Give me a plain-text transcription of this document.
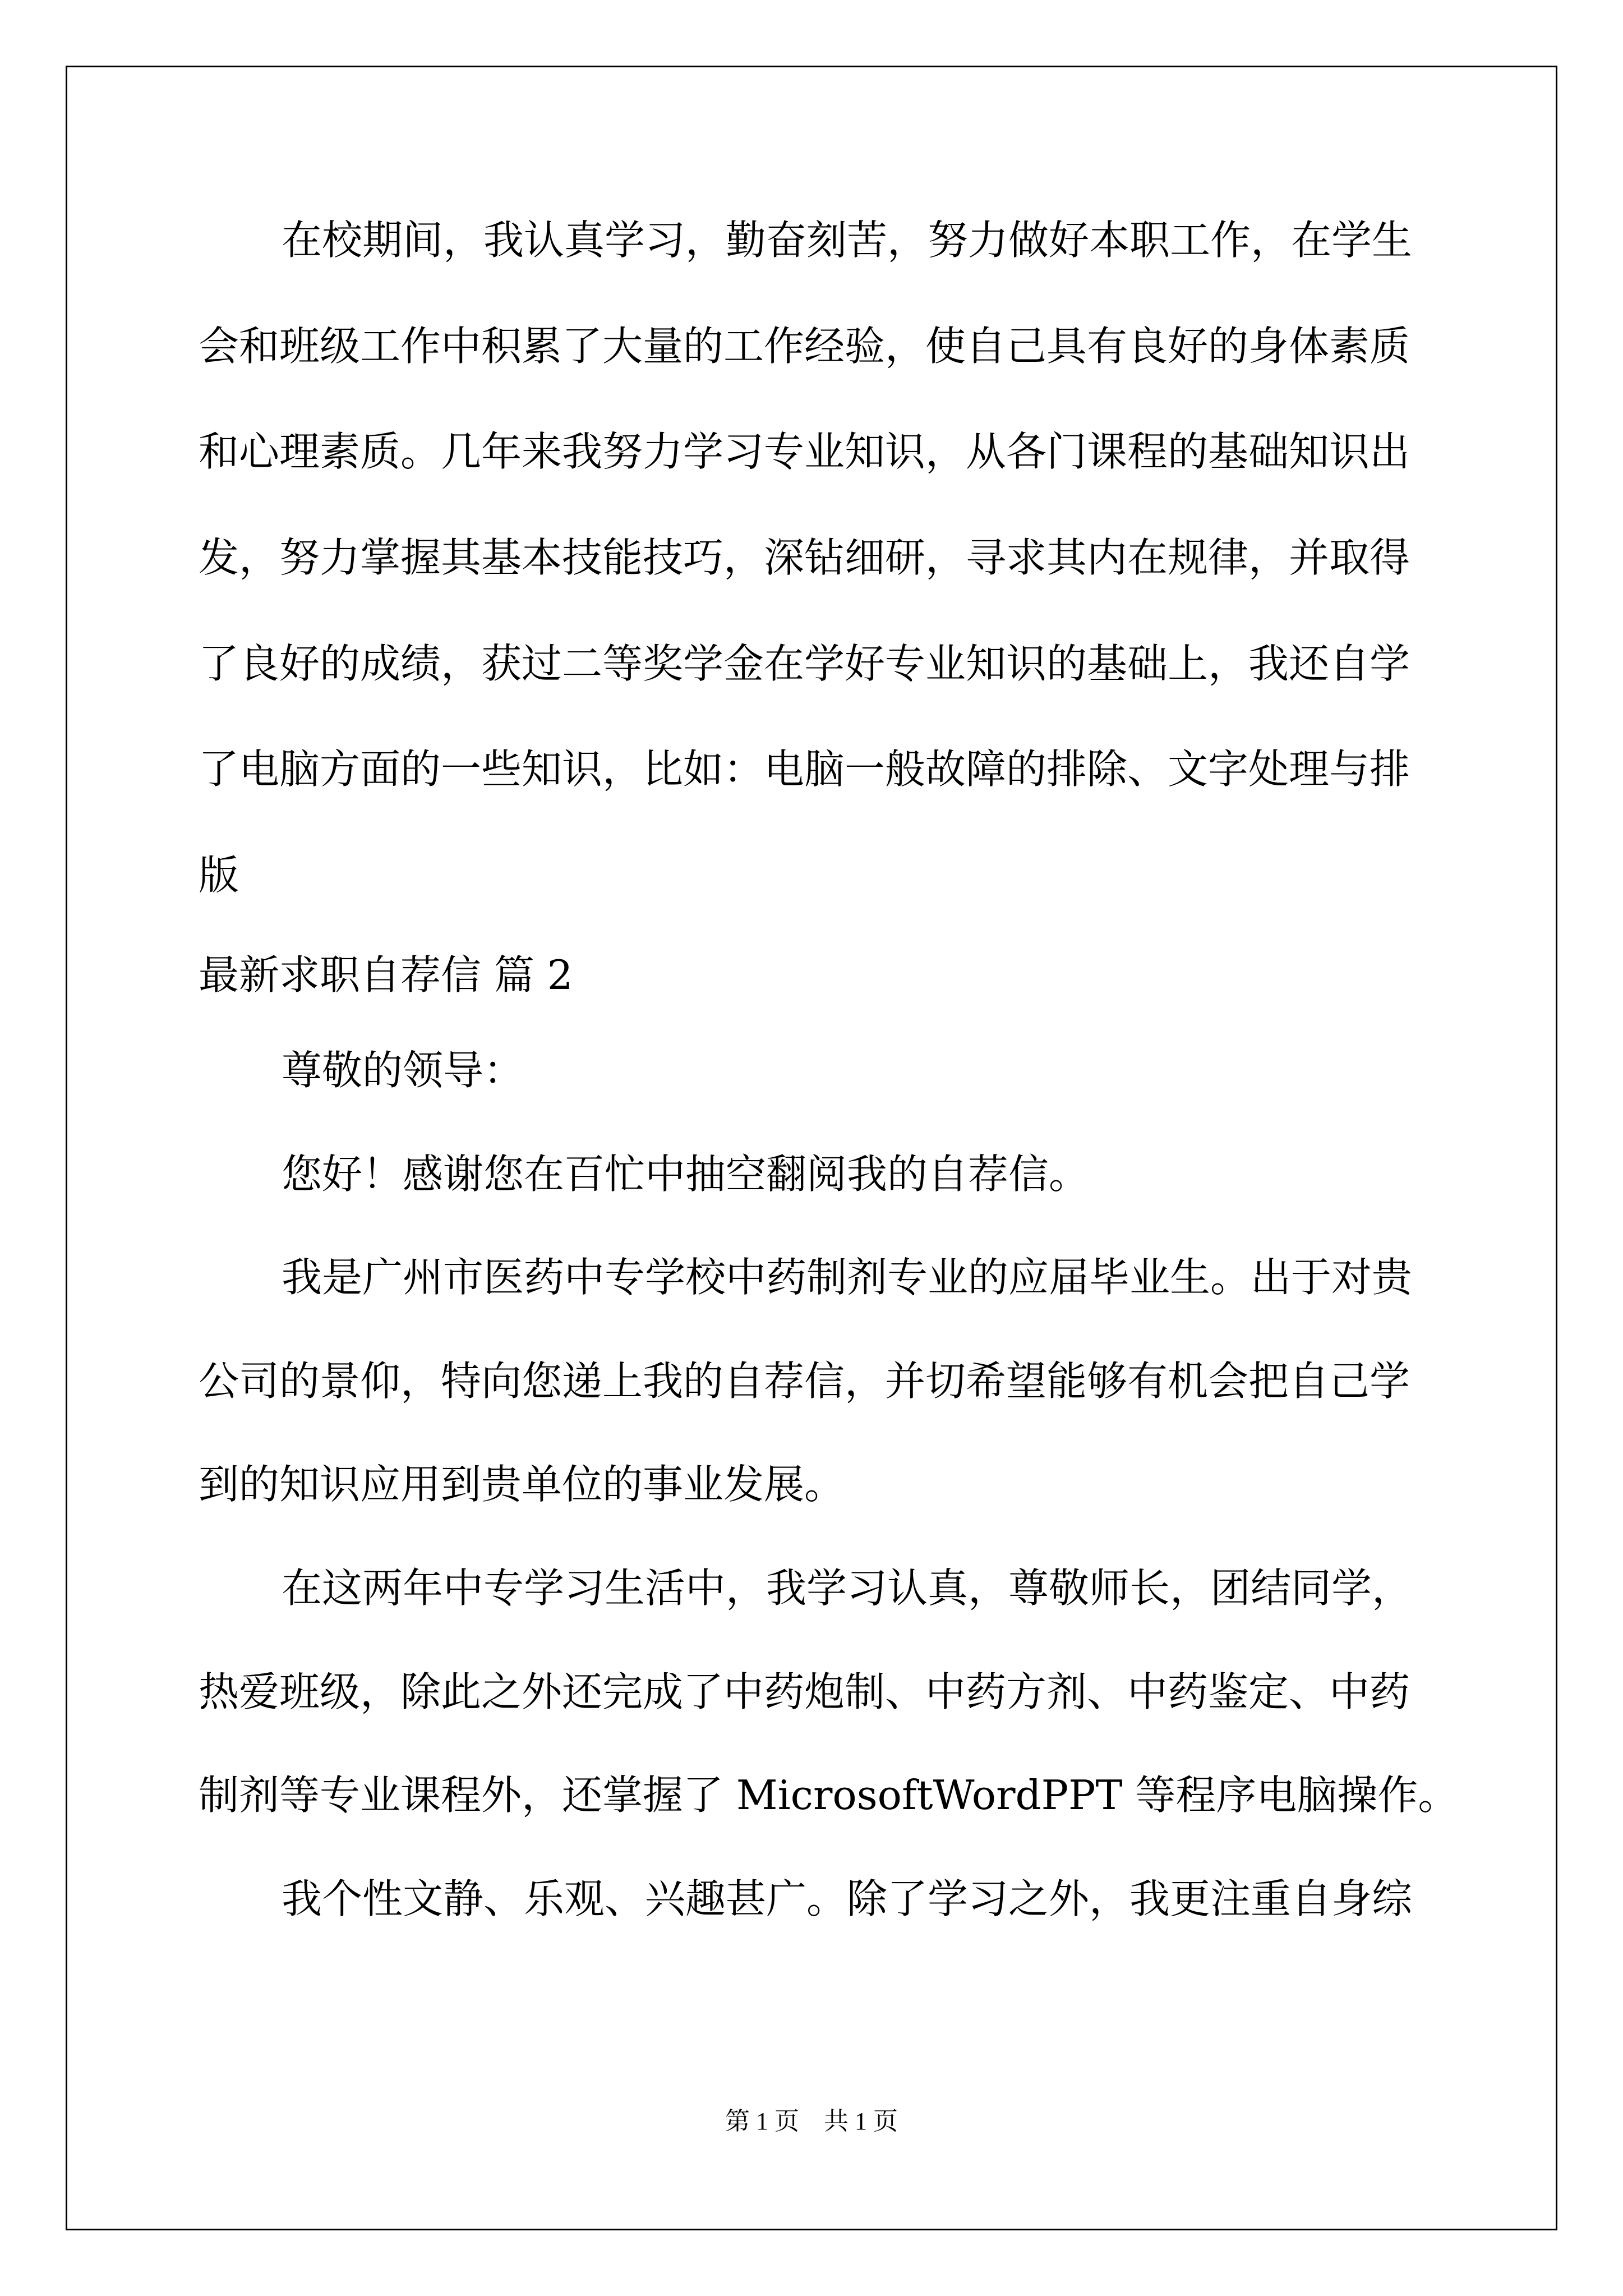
在校期间，我认真学习，勤奋刻苦，努力做好本职工作，在学生
会和班级工作中积累了大量的工作经验，使自己具有良好的身体素质
和心理素质。几年来我努力学习专业知识，从各门课程的基础知识出
发，努力掌握其基本技能技巧，深钻细研，寻求其内在规律，并取得
了良好的成绩，获过二等奖学金在学好专业知识的基础上，我还自学
了电脑方面的一些知识，比如：电脑一般故障的排除、文字处理与排
版
最新求职自荐信 篇 2
尊敬的领导：
您好！感谢您在百忙中抽空翻阅我的自荐信。
我是广州市医药中专学校中药制剂专业的应届毕业生。出于对贵
公司的景仰，特向您递上我的自荐信，并切希望能够有机会把自己学
到的知识应用到贵单位的事业发展。
在这两年中专学习生活中，我学习认真，尊敬师长，团结同学，
热爱班级，除此之外还完成了中药炮制、中药方剂、中药鉴定、中药
制剂等专业课程外，还掌握了 MicrosoftWordPPT 等程序电脑操作。
我个性文静、乐观、兴趣甚广。除了学习之外，我更注重自身综
第 1 页　共 1 页
